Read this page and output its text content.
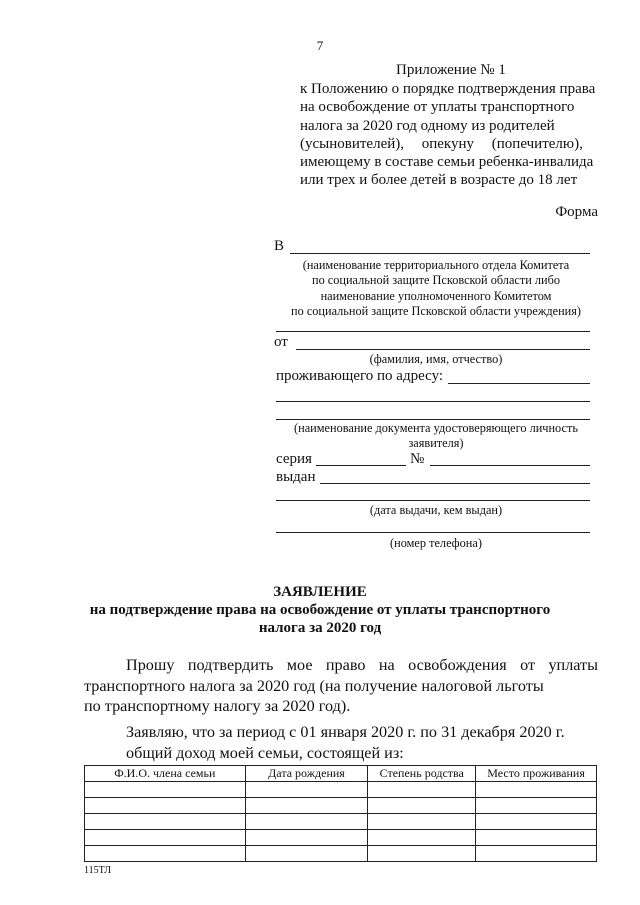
7
Приложение № 1
к Положению о порядке подтверждения права
на освобождение от уплаты транспортного
налога за 2020 год одному из родителей
(усыновителей), опекуну (попечителю),
имеющему в составе семьи ребенка-инвалида
или трех и более детей в возрасте до 18 лет
Форма
В
(наименование территориального отдела Комитета
по социальной защите Псковской области либо
наименование уполномоченного Комитетом
по социальной защите Псковской области учреждения)
от
(фамилия, имя, отчество)
проживающего по адресу:
(наименование документа удостоверяющего личность
заявителя)
серия	№
выдан
(дата выдачи, кем выдан)
(номер телефона)
ЗАЯВЛЕНИЕ
на подтверждение права на освобождение от уплаты транспортного
налога за 2020 год
Прошу подтвердить мое право на освобождения от уплаты транспортного налога за 2020 год (на получение налоговой льготы
по транспортному налогу за 2020 год).
Заявляю, что за период с 01 января 2020 г. по 31 декабря 2020 г.
общий доход моей семьи, состоящей из:
Ф.И.О. члена семьи	Дата рождения	Степень родства	Место проживания

115ТЛ
